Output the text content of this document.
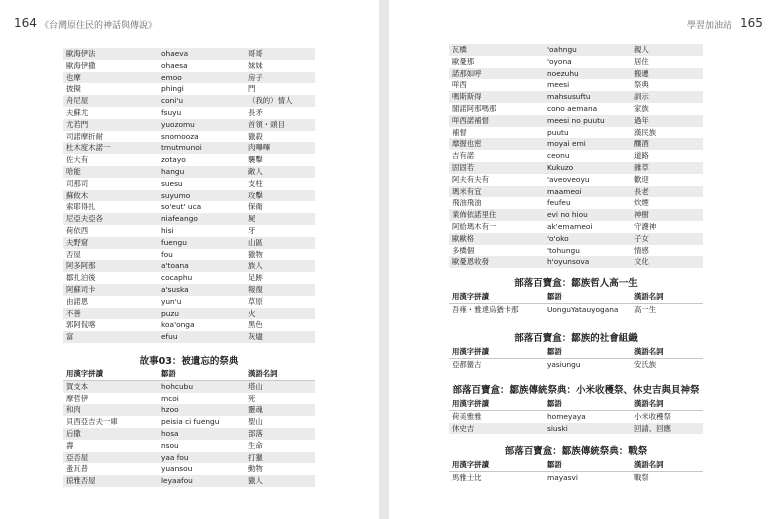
164 《台灣原住民的神話與傳說》
歐海伊法	ohaeva	哥哥
歐海伊撒	ohaesa	妹妹
也摩	emoo	房子
披擬	phingi	門
舟尼屋	coni'u	（我的）情人
夫蘇尤	fsuyu	長矛
尤若門	yuozomu	首領・頭目
司諾摩折耐	snomooza	獵殺
杜木度木諾一	tmutmunoi	肉嗶嗶
佐大有	zotayo	襲擊
哈能	hangu	敵人
司那司	suesu	支柱
蘇攸木	suyumo	攻擊
索耶得扎	so'eut' uca	保衛
尼亞夫亞各	niafeango	屍
荷依西	hisi	牙
夫野窟	fuengu	山區
否屋	fou	獵物
阿多阿那	a'toana	族人
鄒扎泊後	cocaphu	足跡
阿蘇司卡	a'suska	報復
由諾恩	yun'u	草原
不善	puzu	火
郭阿侃喀	koa'onga	黑色
富	efuu	灰燼
故事03：被遺忘的祭典
用漢字拼讀	鄒語	漢語名詞
賀支本	hohcubu	塔山
摩哲伊	mcoi	死
和肉	hzoo	靈魂
貝西亞吉夫一庫	peisia ci fuengu	聖山
后撒	hosa	部落
壽	nsou	生命
亞否屋	yaa fou	打獵
蚤瓦普	yuansou	動物
掠雅否屋	leyaafou	獵人
學習加油站 165
瓦橋	'oahngu	親人
歐憂那	'oyona	居住
諾那如呼	noezuhu	搬遷
咩西	meesi	祭典
嗎斯斯得	mahsusuftu	訓示
閣諾阿那嗎那	cono aemana	家族
咩西諾補督	meesi no puutu	過年
補督	puutu	漢民族
靡握也密	moyai emi	釀酒
吉有諾	ceonu	道路
固固若	Kukuzo	雜草
阿夫有夫有	'aveoveoyu	歡迎
瑪米有宜	maameoi	長老
飛油飛油	feufeu	炊煙
業佈依諾里住	evi no hiou	神樹
阿給瑪木有一	ak'emameoi	守護神
歐歐格	'o'oko	子女
多橋個	'tohungu	情感
歐憂恩收發	h'oyunsova	文化
部落百寶盒：鄒族哲人高一生
用漢字拼讀	鄒語	漢語名詞
吾雍・雅達烏猶卡那	UonguYatauyogana	高一生
部落百寶盒：鄒族的社會組織
用漢字拼讀	鄒語	漢語名詞
亞都蠻古	yasiungu	安氏族
部落百寶盒：鄒族傳統祭典：小米收穫祭、休史吉與貝神祭
用漢字拼讀	鄒語	漢語名詞
荷美雅雅	homeyaya	小米收穫祭
休史吉	siuski	回請、回應
部落百寶盒：鄒族傳統祭典：戰祭
用漢字拼讀	鄒語	漢語名詞
馬雅士比	mayasvi	戰祭
